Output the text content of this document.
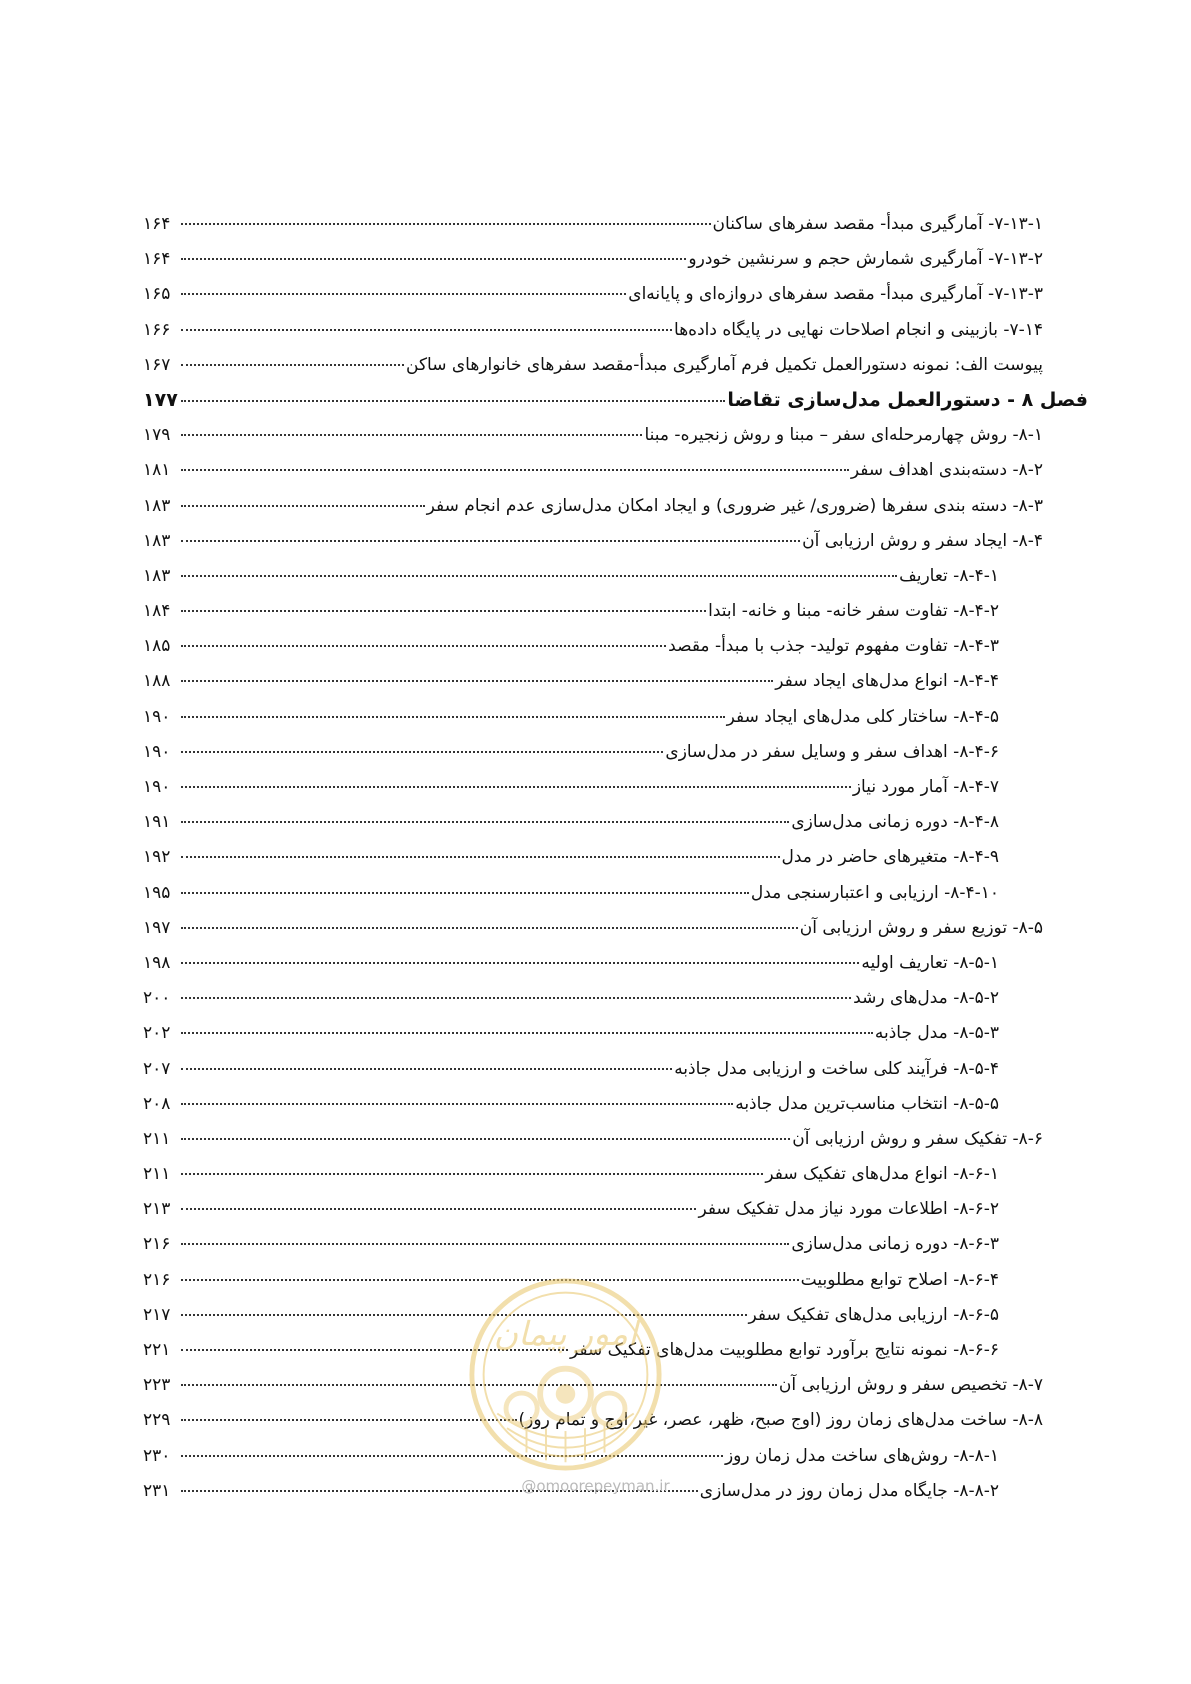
۷-۱۳-۱- آمارگیری مبدأ- مقصد سفرهای ساکنان
۱۶۴
۷-۱۳-۲- آمارگیری شمارش حجم و سرنشین خودرو
۱۶۴
۷-۱۳-۳- آمارگیری مبدأ- مقصد سفرهای دروازه‌ای و پایانه‌ای
۱۶۵
۷-۱۴- بازبینی و انجام اصلاحات نهایی در پایگاه داده‌ها
۱۶۶
پیوست الف: نمونه دستورالعمل تکمیل فرم آمارگیری مبدأ-مقصد سفرهای خانوارهای ساکن
۱۶۷
فصل ۸ - دستورالعمل مدل‌سازی تقاضا
۱۷۷
۸-۱- روش چهارمرحله‌ای سفر – مبنا و روش زنجیره- مبنا
۱۷۹
۸-۲- دسته‌بندی اهداف سفر
۱۸۱
۸-۳- دسته بندی سفرها (ضروری/ غیر ضروری) و ایجاد امکان مدل‌سازی عدم انجام سفر
۱۸۳
۸-۴- ایجاد سفر و روش ارزیابی آن
۱۸۳
۸-۴-۱- تعاریف
۱۸۳
۸-۴-۲- تفاوت سفر خانه- مبنا و خانه- ابتدا
۱۸۴
۸-۴-۳- تفاوت مفهوم تولید- جذب با مبدأ- مقصد
۱۸۵
۸-۴-۴- انواع مدل‌های ایجاد سفر
۱۸۸
۸-۴-۵- ساختار کلی مدل‌های ایجاد سفر
۱۹۰
۸-۴-۶- اهداف سفر و وسایل سفر در مدل‌سازی
۱۹۰
۸-۴-۷- آمار مورد نیاز
۱۹۰
۸-۴-۸- دوره زمانی مدل‌سازی
۱۹۱
۸-۴-۹- متغیرهای حاضر در مدل
۱۹۲
۸-۴-۱۰- ارزیابی و اعتبارسنجی مدل
۱۹۵
۸-۵- توزیع سفر و روش ارزیابی آن
۱۹۷
۸-۵-۱- تعاریف اولیه
۱۹۸
۸-۵-۲- مدل‌های رشد
۲۰۰
۸-۵-۳- مدل جاذبه
۲۰۲
۸-۵-۴- فرآیند کلی ساخت و ارزیابی مدل جاذبه
۲۰۷
۸-۵-۵- انتخاب مناسب‌ترین مدل جاذبه
۲۰۸
۸-۶- تفکیک سفر و روش ارزیابی آن
۲۱۱
۸-۶-۱- انواع مدل‌های تفکیک سفر
۲۱۱
۸-۶-۲- اطلاعات مورد نیاز مدل تفکیک سفر
۲۱۳
۸-۶-۳- دوره زمانی مدل‌سازی
۲۱۶
۸-۶-۴- اصلاح توابع مطلوبیت
۲۱۶
۸-۶-۵- ارزیابی مدل‌های تفکیک سفر
۲۱۷
۸-۶-۶- نمونه نتایج برآورد توابع مطلوبیت مدل‌های تفکیک سفر
۲۲۱
۸-۷- تخصیص سفر و روش ارزیابی آن
۲۲۳
۸-۸- ساخت مدل‌های زمان روز (اوج صبح، ظهر، عصر، غیر اوج و تمام روز)
۲۲۹
۸-۸-۱- روش‌های ساخت مدل زمان روز
۲۳۰
۸-۸-۲- جایگاه مدل زمان روز در مدل‌سازی
۲۳۱
امور پیمان
@omoorepeyman.ir
